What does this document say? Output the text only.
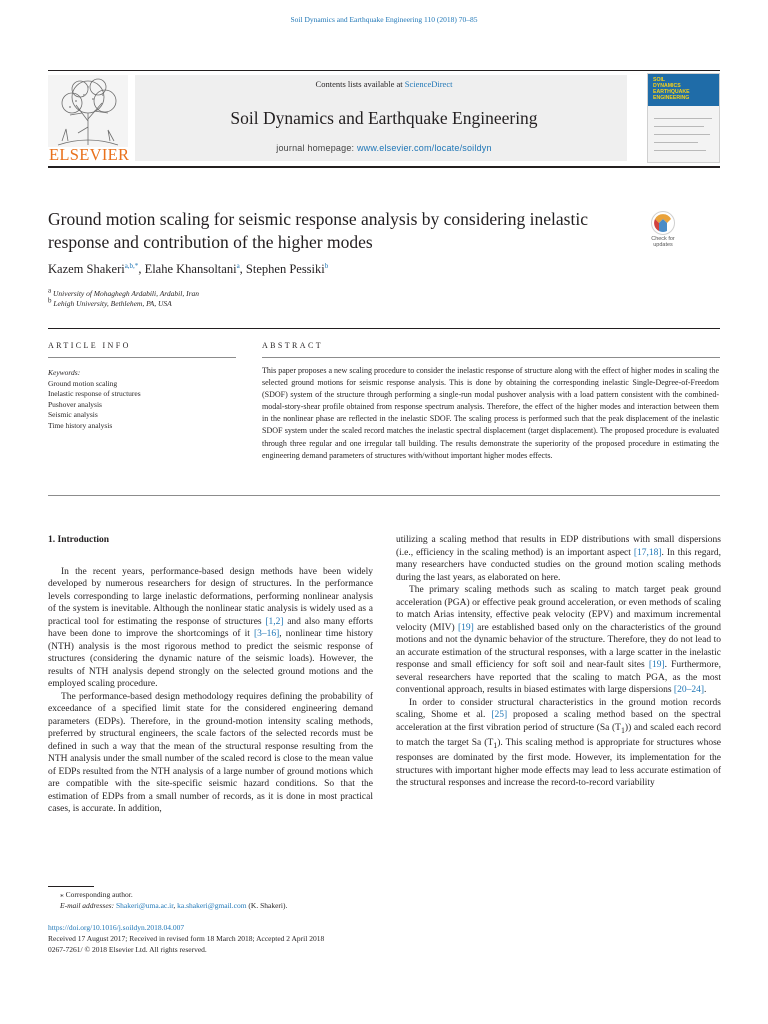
Soil Dynamics and Earthquake Engineering 110 (2018) 70–85
ELSEVIER
Contents lists available at ScienceDirect
Soil Dynamics and Earthquake Engineering
journal homepage: www.elsevier.com/locate/soildyn
SOIL
DYNAMICS
EARTHQUAKE
ENGINEERING
Ground motion scaling for seismic response analysis by considering inelastic response and contribution of the higher modes	Check for updates
Kazem Shakeri$^{a,b,*}$, Elahe Khansoltani$^a$, Stephen Pessiki$^b$
$^a$ University of Mohaghegh Ardabili, Ardabil, Iran
$^b$ Lehigh University, Bethlehem, PA, USA
ARTICLE INFO	ABSTRACT
Keywords:
Ground motion scaling
Inelastic response of structures
Pushover analysis
Seismic analysis
Time history analysis
This paper proposes a new scaling procedure to consider the inelastic response of structure along with the effect of higher modes in scaling the selected ground motions for seismic response analysis. This is done by obtaining the corresponding inelastic Single-Degree-of-Freedom (SDOF) system of the structure through performing a single-run modal pushover analysis with a load pattern consistent with the combined-modal-story-shear profile obtained from response spectrum analysis. Therefore, the effect of the higher modes and interaction between them in the nonlinear phase are reflected in the inelastic SDOF. The scaling process is performed such that the peak displacement of the inelastic SDOF system under the scaled record matches the inelastic spectral displacement (target displacement). The proposed procedure is evaluated through three regular and one irregular tall building. The results demonstrate the superiority of the proposed procedure in estimating the engineering demand parameters of structures with/without important higher modes effects.
1. Introduction

In the recent years, performance-based design methods have been widely developed by numerous researchers for design of structures. In the performance levels corresponding to large inelastic deformations, performing nonlinear analysis of the system is inevitable. Although the nonlinear static analysis is widely used as a practical tool for estimating the response of structures [1,2] and also many efforts have been done to improve the shortcomings of it [3–16], nonlinear time history (NTH) analysis is the most rigorous method to predict the seismic response of structures (considering the dynamic nature of the seismic loads). However, the results of NTH analysis depend strongly on the selected ground motions and the employed scaling procedure.

The performance-based design methodology requires defining the probability of exceedance of a specified limit state for the considered engineering demand parameters (EDPs). Therefore, in the ground-motion intensity scaling methods, preferred by structural engineers, the scale factors of the selected records must be defined in such a way that the mean of the structural response resulting from the NTH analysis under the small number of the scaled record is close to the mean value of EDPs resulted from the NTH analysis of a large number of ground motions which are compatible with the site-specific seismic hazard conditions. So that the estimation of EDPs from a small number of records, as it is done in most practical cases, is accurate. In addition,

utilizing a scaling method that results in EDP distributions with small dispersions (i.e., efficiency in the scaling method) is an important aspect [17,18]. In this regard, many researchers have conducted studies on the ground motion scaling methods during the last years, as elaborated on here.

The primary scaling methods such as scaling to match target peak ground acceleration (PGA) or effective peak ground acceleration, or even methods of scaling to match Arias intensity, effective peak velocity (EPV) and maximum incremental velocity (MIV) [19] are established based only on the characteristics of the ground motions and not the dynamic behavior of the structure. Therefore, they do not lead to an accurate estimation of the structural responses, with a large scatter in the inelastic response and small efficiency for soft soil and near-fault sites [19]. Furthermore, several researchers have reported that the scaling to match PGA, as the most conventional approach, results in biased estimates with large dispersions [20–24].

In order to consider structural characteristics in the ground motion records scaling, Shome et al. [25] proposed a scaling method based on the spectral acceleration at the first vibration period of structure (Sa $(T_1)$) and scaled each record to match the target Sa $(T_1)$. This scaling method is appropriate for structures whose responses are dominated by the first mode. However, its implementation for the structures with important higher mode effects may lead to less accurate estimation of the structural responses and increase the record-to-record variability

⁎ Corresponding author.
E-mail addresses: Shakeri@uma.ac.ir, ka.shakeri@gmail.com (K. Shakeri).
https://doi.org/10.1016/j.soildyn.2018.04.007
Received 17 August 2017; Received in revised form 18 March 2018; Accepted 2 April 2018
0267-7261/ © 2018 Elsevier Ltd. All rights reserved.
